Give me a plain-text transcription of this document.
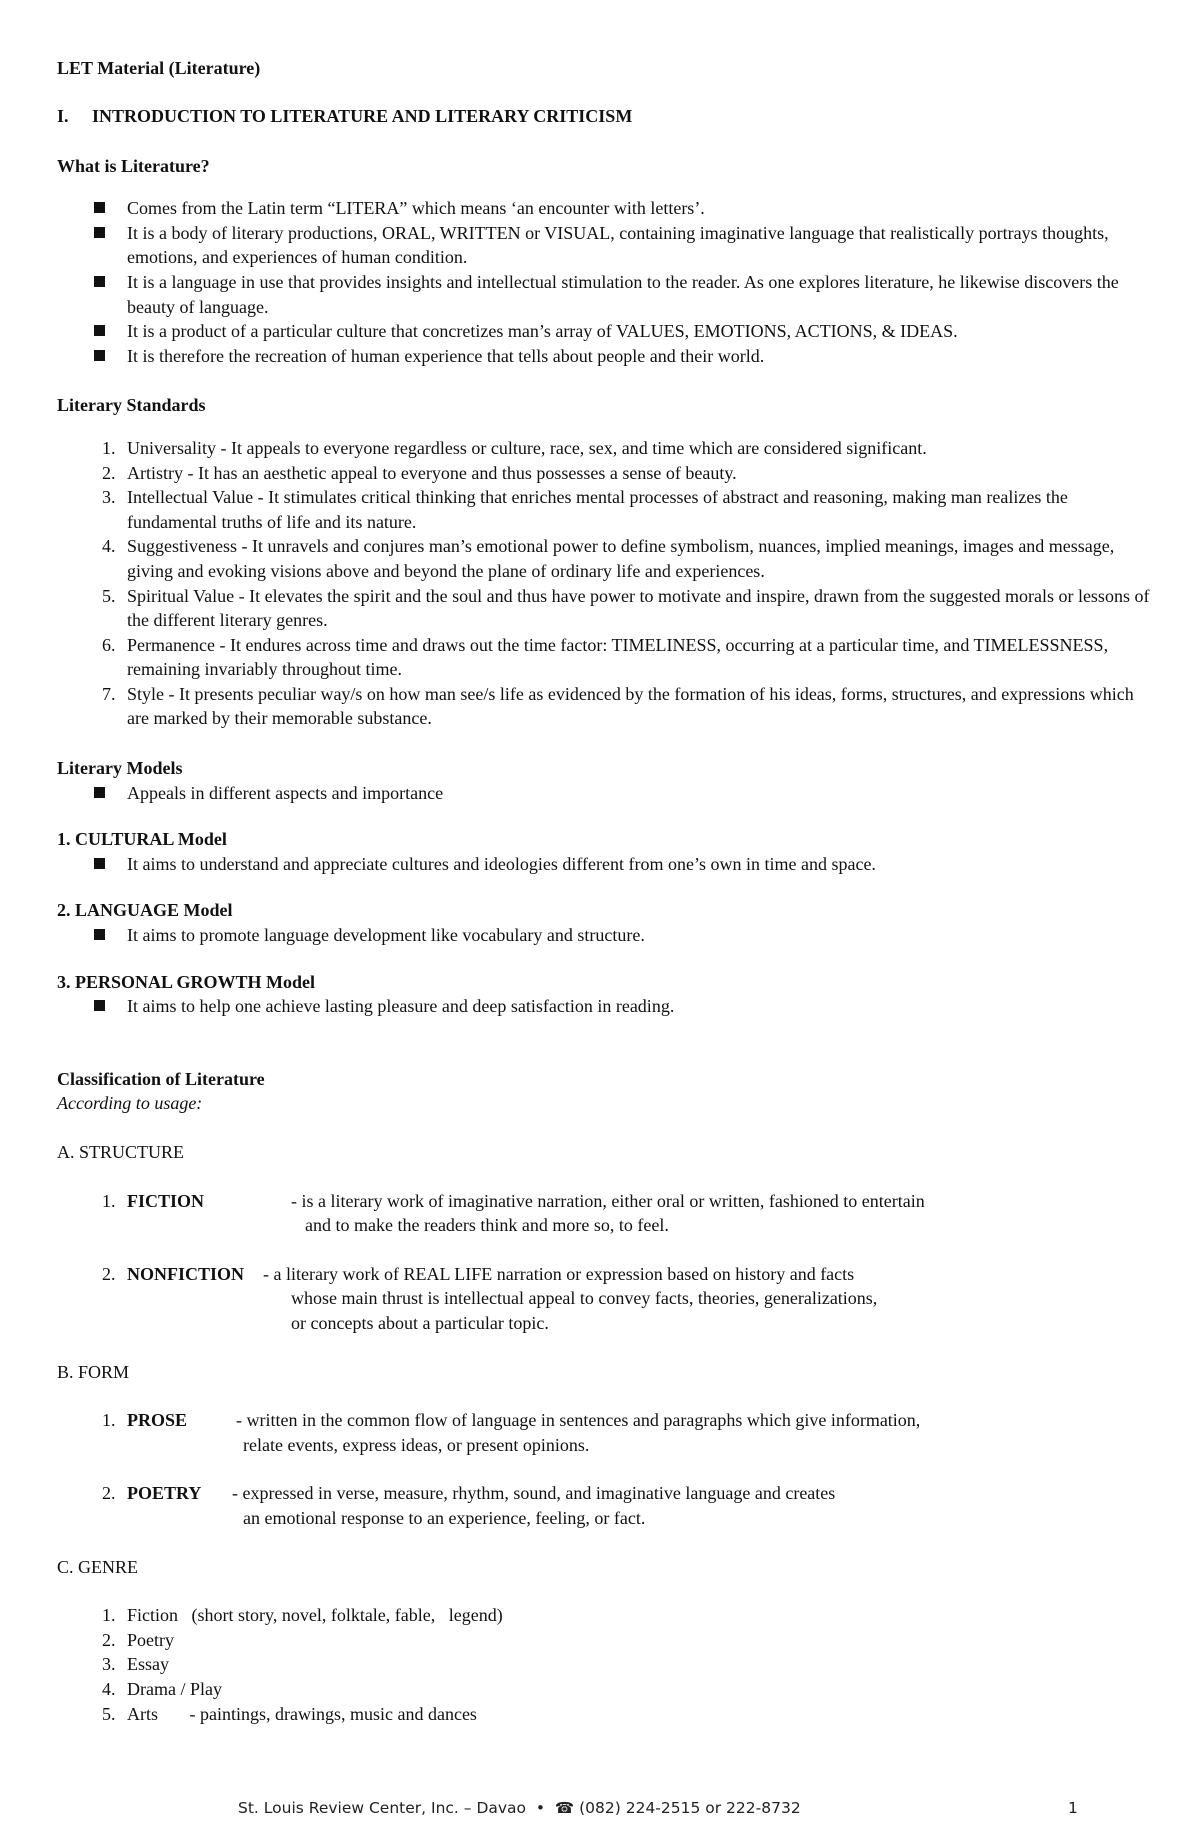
LET Material (Literature)

I.	INTRODUCTION TO LITERATURE AND LITERARY CRITICISM

What is Literature?

Comes from the Latin term “LITERA” which means ‘an encounter with letters’.
It is a body of literary productions, ORAL, WRITTEN or VISUAL, containing imaginative language that realistically portrays thoughts, emotions, and experiences of human condition.
It is a language in use that provides insights and intellectual stimulation to the reader. As one explores literature, he likewise discovers the beauty of language.
It is a product of a particular culture that concretizes man’s array of VALUES, EMOTIONS, ACTIONS, & IDEAS.
It is therefore the recreation of human experience that tells about people and their world.

Literary Standards

1. Universality - It appeals to everyone regardless or culture, race, sex, and time which are considered significant.
2. Artistry - It has an aesthetic appeal to everyone and thus possesses a sense of beauty.
3. Intellectual Value - It stimulates critical thinking that enriches mental processes of abstract and reasoning, making man realizes the fundamental truths of life and its nature.
4. Suggestiveness - It unravels and conjures man’s emotional power to define symbolism, nuances, implied meanings, images and message, giving and evoking visions above and beyond the plane of ordinary life and experiences.
5. Spiritual Value - It elevates the spirit and the soul and thus have power to motivate and inspire, drawn from the suggested morals or lessons of the different literary genres.
6. Permanence - It endures across time and draws out the time factor: TIMELINESS, occurring at a particular time, and TIMELESSNESS, remaining invariably throughout time.
7. Style - It presents peculiar way/s on how man see/s life as evidenced by the formation of his ideas, forms, structures, and expressions which are marked by their memorable substance.

Literary Models

Appeals in different aspects and importance

1. CULTURAL Model

It aims to understand and appreciate cultures and ideologies different from one’s own in time and space.

2. LANGUAGE Model

It aims to promote language development like vocabulary and structure.

3. PERSONAL GROWTH Model

It aims to help one achieve lasting pleasure and deep satisfaction in reading.

Classification of Literature

According to usage:

A. STRUCTURE

1. FICTION	- is a literary work of imaginative narration, either oral or written, fashioned to entertain
and to make the readers think and more so, to feel.
2. NONFICTION	- a literary work of REAL LIFE narration or expression based on history and facts
whose main thrust is intellectual appeal to convey facts, theories, generalizations,
or concepts about a particular topic.

B. FORM

1. PROSE	- written in the common flow of language in sentences and paragraphs which give information,
relate events, express ideas, or present opinions.
2. POETRY	- expressed in verse, measure, rhythm, sound, and imaginative language and creates
an emotional response to an experience, feeling, or fact.

C. GENRE

1. Fiction   (short story, novel, folktale, fable,   legend)
2. Poetry
3. Essay
4. Drama / Play
5. Arts       - paintings, drawings, music and dances
St. Louis Review Center, Inc. – Davao  •  ☎ (082) 224-2515 or 222-8732	1
